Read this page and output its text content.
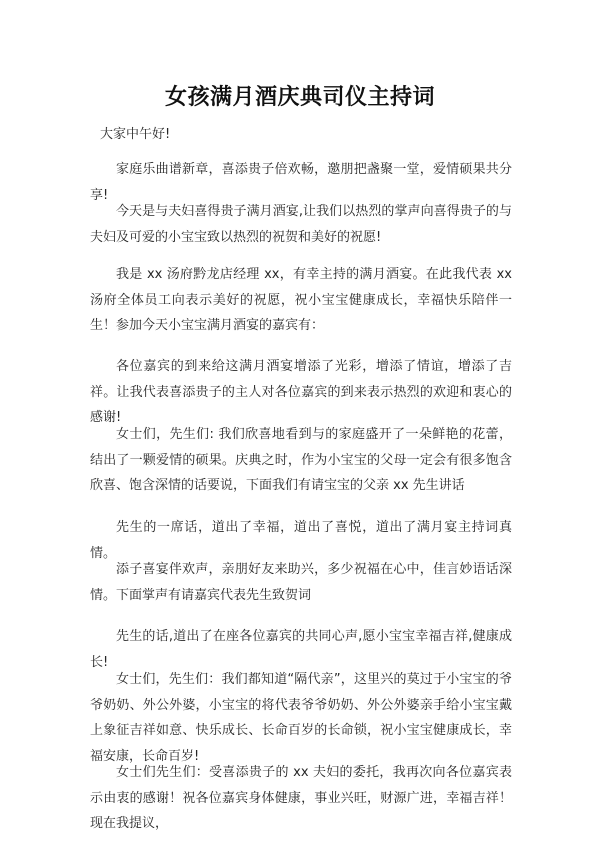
女孩满月酒庆典司仪主持词

大家中午好!

家庭乐曲谱新章，喜添贵子倍欢畅，邀朋把盏聚一堂，爱情硕果共分享!

今天是与夫妇喜得贵子满月酒宴,让我们以热烈的掌声向喜得贵子的与夫妇及可爱的小宝宝致以热烈的祝贺和美好的祝愿!

我是 xx 汤府黔龙店经理 xx，有幸主持的满月酒宴。在此我代表 xx 汤府全体员工向表示美好的祝愿，祝小宝宝健康成长，幸福快乐陪伴一生！参加今天小宝宝满月酒宴的嘉宾有：

各位嘉宾的到来给这满月酒宴增添了光彩，增添了情谊，增添了吉祥。让我代表喜添贵子的主人对各位嘉宾的到来表示热烈的欢迎和衷心的感谢!

女士们，先生们: 我们欣喜地看到与的家庭盛开了一朵鲜艳的花蕾，结出了一颗爱情的硕果。庆典之时，作为小宝宝的父母一定会有很多饱含欣喜、饱含深情的话要说，下面我们有请宝宝的父亲 xx 先生讲话

先生的一席话，道出了幸福，道出了喜悦，道出了满月宴主持词真情。

添子喜宴伴欢声，亲朋好友来助兴，多少祝福在心中，佳言妙语话深情。下面掌声有请嘉宾代表先生致贺词

先生的话,道出了在座各位嘉宾的共同心声,愿小宝宝幸福吉祥,健康成长!

女士们，先生们：我们都知道“隔代亲”，这里兴的莫过于小宝宝的爷爷奶奶、外公外婆，小宝宝的将代表爷爷奶奶、外公外婆亲手给小宝宝戴上象征吉祥如意、快乐成长、长命百岁的长命锁，祝小宝宝健康成长，幸福安康，长命百岁!

女士们先生们：受喜添贵子的 xx 夫妇的委托，我再次向各位嘉宾表示由衷的感谢！祝各位嘉宾身体健康，事业兴旺，财源广进，幸福吉祥！现在我提议，
